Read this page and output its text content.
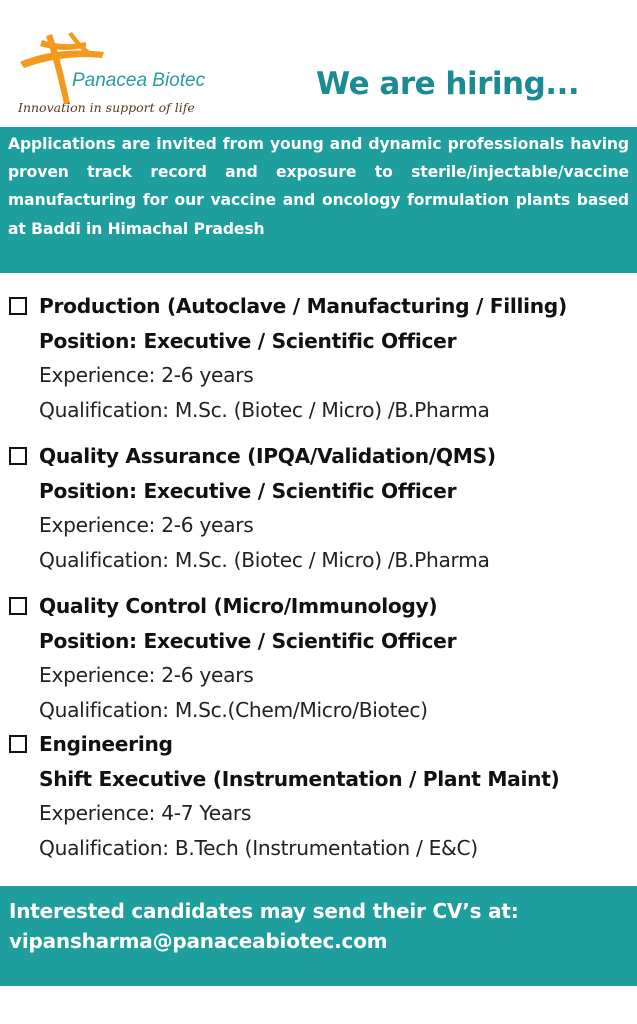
Panacea Biotec
Innovation in support of life
We are hiring...

Applications are invited from young and dynamic professionals having proven track record and exposure to sterile/injectable/vaccine manufacturing for our vaccine and oncology formulation plants based at Baddi in Himachal Pradesh

Production (Autoclave / Manufacturing / Filling)
Position: Executive / Scientific Officer
Experience: 2-6 years
Qualification: M.Sc. (Biotec / Micro) /B.Pharma
Quality Assurance (IPQA/Validation/QMS)
Position: Executive / Scientific Officer
Experience: 2-6 years
Qualification: M.Sc. (Biotec / Micro) /B.Pharma
Quality Control (Micro/Immunology)
Position: Executive / Scientific Officer
Experience: 2-6 years
Qualification: M.Sc.(Chem/Micro/Biotec)
Engineering
Shift Executive (Instrumentation / Plant Maint)
Experience: 4-7 Years
Qualification: B.Tech (Instrumentation / E&C)
Interested candidates may send their CV’s at:
vipansharma@panaceabiotec.com
